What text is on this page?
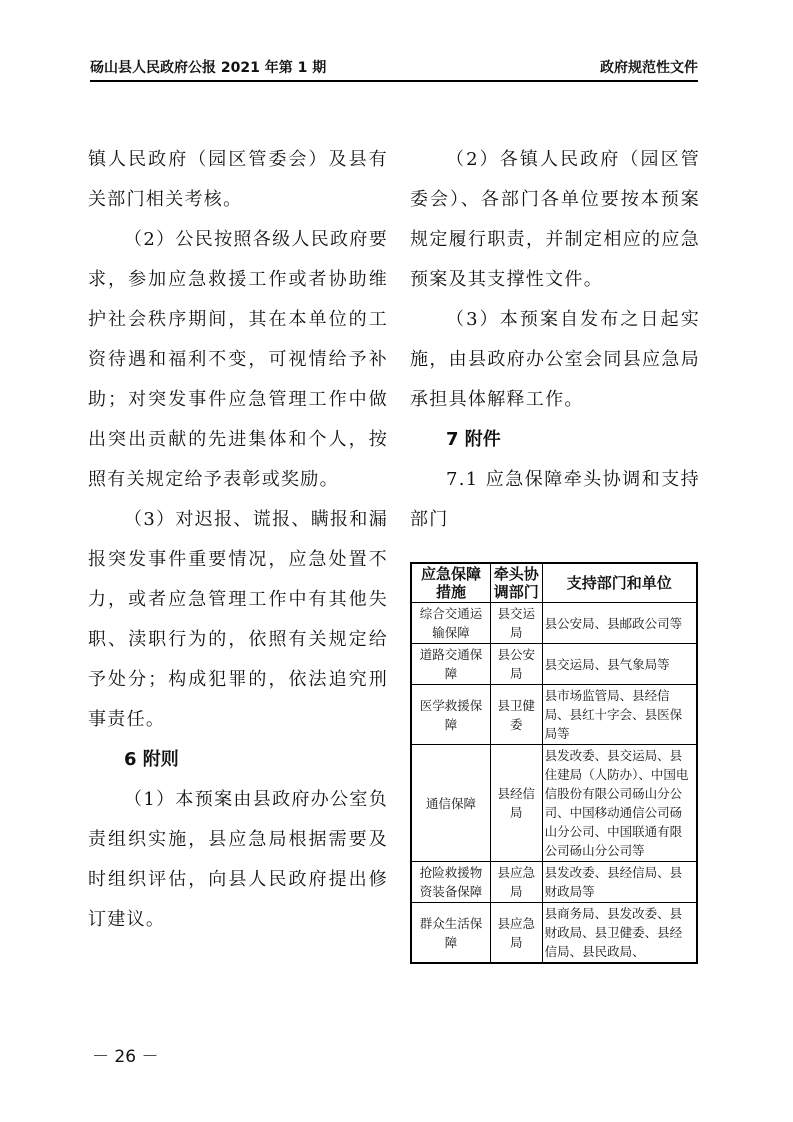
砀山县人民政府公报 2021 年第 1 期	政府规范性文件

镇人民政府（园区管委会）及县有关部门相关考核。

（2）公民按照各级人民政府要求，参加应急救援工作或者协助维护社会秩序期间，其在本单位的工资待遇和福利不变，可视情给予补助；对突发事件应急管理工作中做出突出贡献的先进集体和个人，按照有关规定给予表彰或奖励。

（3）对迟报、谎报、瞒报和漏报突发事件重要情况，应急处置不力，或者应急管理工作中有其他失职、渎职行为的，依照有关规定给予处分；构成犯罪的，依法追究刑事责任。

6 附则

（1）本预案由县政府办公室负责组织实施，县应急局根据需要及时组织评估，向县人民政府提出修订建议。

（2）各镇人民政府（园区管委会）、各部门各单位要按本预案规定履行职责，并制定相应的应急预案及其支撑性文件。

（3）本预案自发布之日起实施，由县政府办公室会同县应急局承担具体解释工作。

7 附件

7.1 应急保障牵头协调和支持部门

应急保障措施	牵头协调部门	支持部门和单位
综合交通运输保障	县交运局	县公安局、县邮政公司等
道路交通保障	县公安局	县交运局、县气象局等
医学救援保障	县卫健委	县市场监管局、县经信局、县红十字会、县医保局等
通信保障	县经信局	县发改委、县交运局、县住建局（人防办）、中国电信股份有限公司砀山分公司、中国移动通信公司砀山分公司、中国联通有限公司砀山分公司等
抢险救援物资装备保障	县应急局	县发改委、县经信局、县财政局等
群众生活保障	县应急局	县商务局、县发改委、县财政局、县卫健委、县经信局、县民政局、
－ 26 －
